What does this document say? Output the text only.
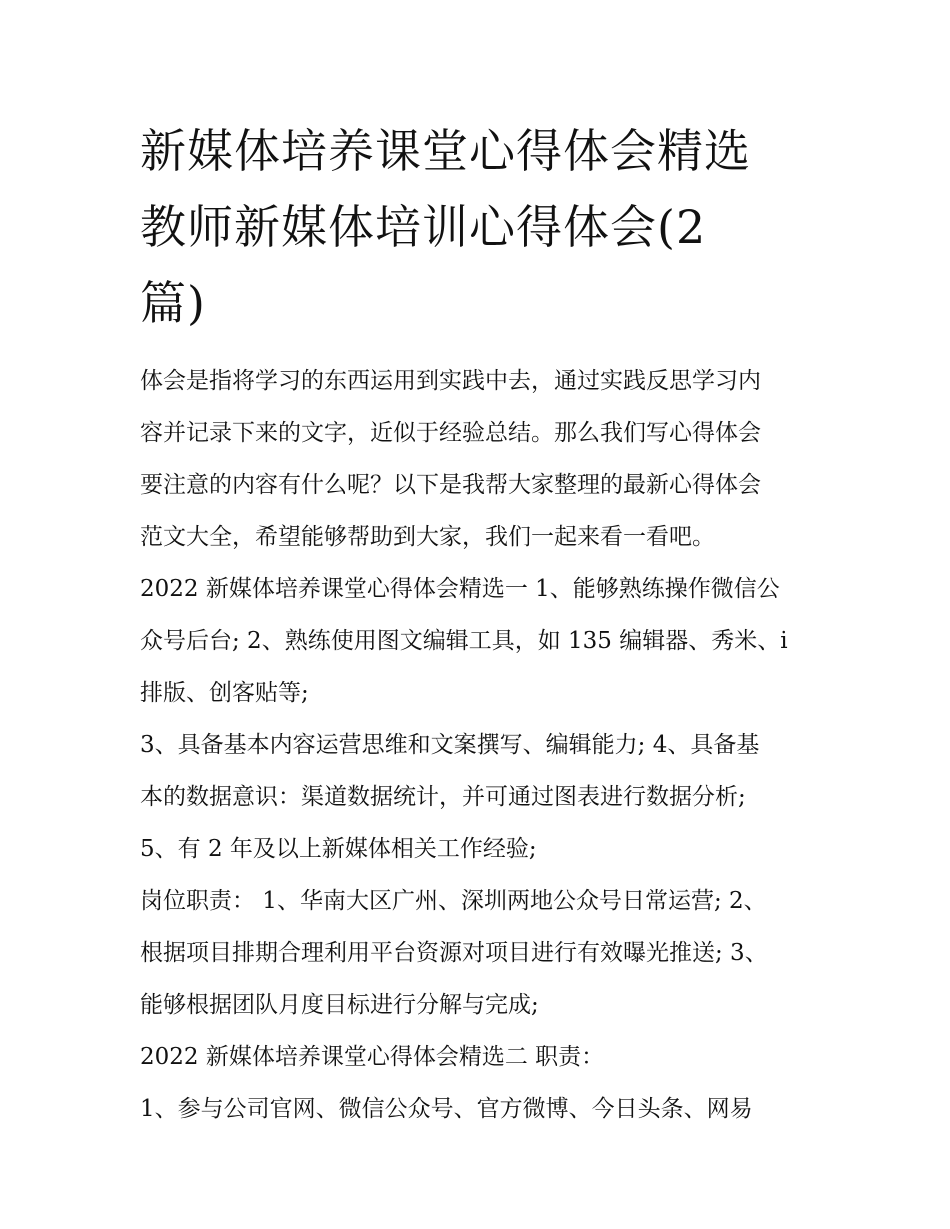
新媒体培养课堂心得体会精选
教师新媒体培训心得体会(2
篇)
体会是指将学习的东西运用到实践中去，通过实践反思学习内
容并记录下来的文字，近似于经验总结。那么我们写心得体会
要注意的内容有什么呢？以下是我帮大家整理的最新心得体会
范文大全，希望能够帮助到大家，我们一起来看一看吧。
2022 新媒体培养课堂心得体会精选一 1、能够熟练操作微信公
众号后台; 2、熟练使用图文编辑工具，如 135 编辑器、秀米、i
排版、创客贴等;
3、具备基本内容运营思维和文案撰写、编辑能力; 4、具备基
本的数据意识：渠道数据统计，并可通过图表进行数据分析;
5、有 2 年及以上新媒体相关工作经验;
岗位职责： 1、华南大区广州、深圳两地公众号日常运营; 2、
根据项目排期合理利用平台资源对项目进行有效曝光推送; 3、
能够根据团队月度目标进行分解与完成;
2022 新媒体培养课堂心得体会精选二 职责：
1、参与公司官网、微信公众号、官方微博、今日头条、网易
